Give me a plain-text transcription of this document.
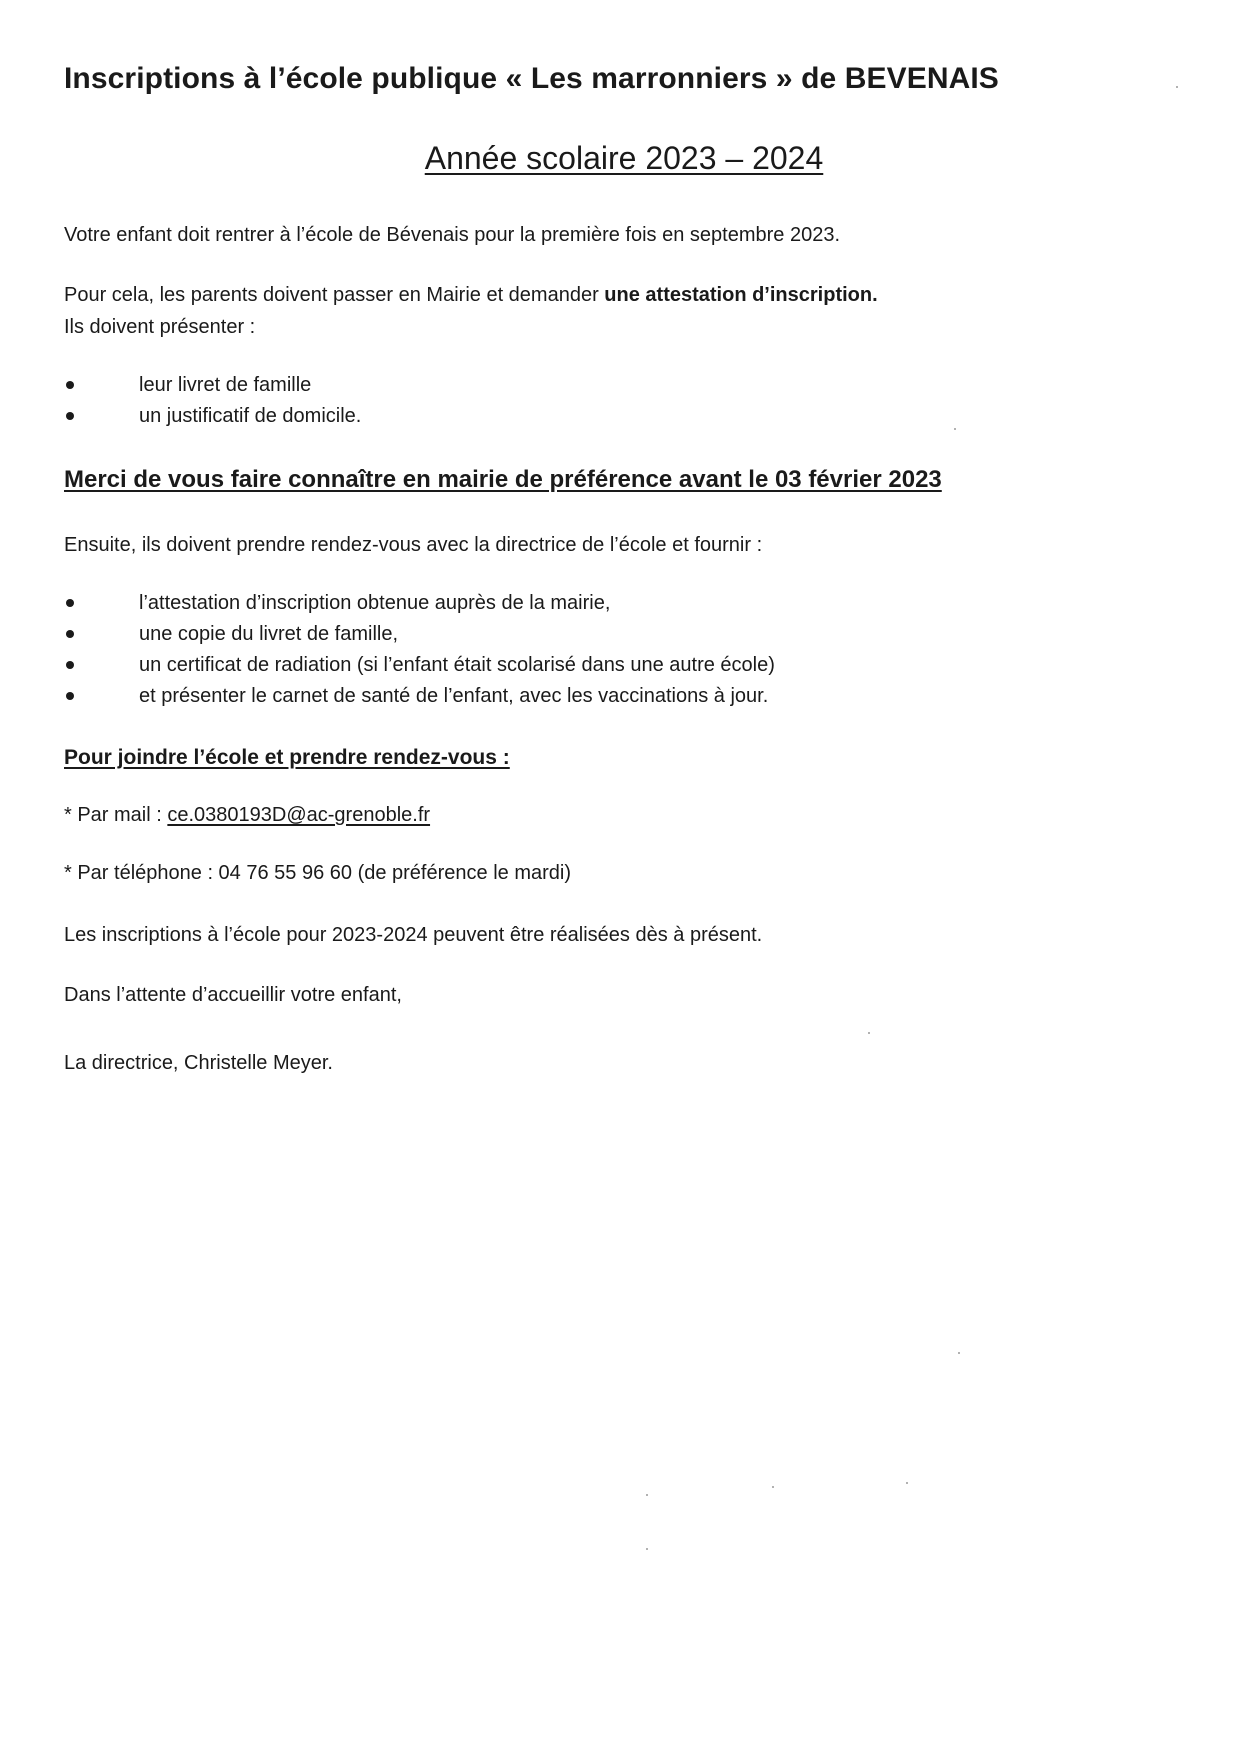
Inscriptions à l’école publique « Les marronniers » de BEVENAIS
Année scolaire 2023 – 2024
Votre enfant doit rentrer à l’école de Bévenais pour la première fois en septembre 2023.
Pour cela, les parents doivent passer en Mairie et demander une attestation d’inscription.
Ils doivent présenter :
leur livret de famille
un justificatif de domicile.
Merci de vous faire connaître en mairie de préférence avant le 03 février 2023
Ensuite, ils doivent prendre rendez-vous avec la directrice de l’école et fournir :
l’attestation d’inscription obtenue auprès de la mairie,
une copie du livret de famille,
un certificat de radiation (si l’enfant était scolarisé dans une autre école)
et présenter le carnet de santé de l’enfant, avec les vaccinations à jour.
Pour joindre l’école et prendre rendez-vous :
* Par mail : ce.0380193D@ac-grenoble.fr
* Par téléphone : 04 76 55 96 60 (de préférence le mardi)
Les inscriptions à l’école pour 2023-2024 peuvent être réalisées dès à présent.
Dans l’attente d’accueillir votre enfant,
La directrice, Christelle Meyer.
